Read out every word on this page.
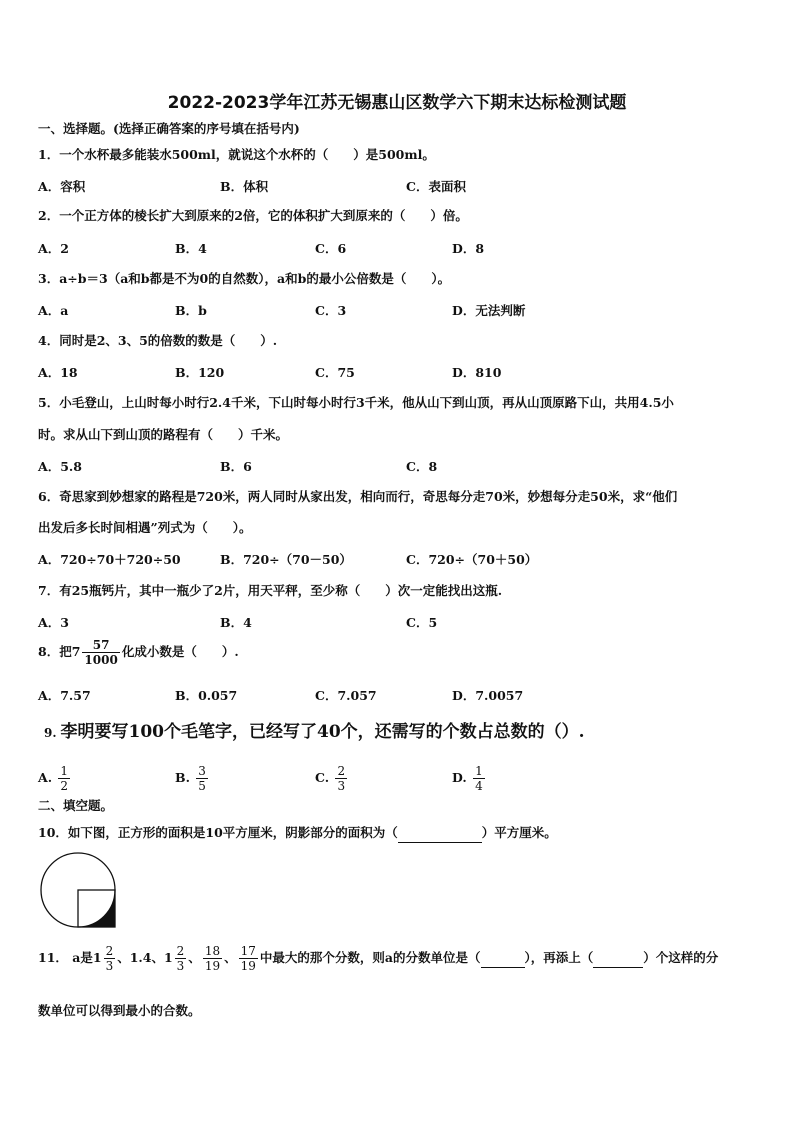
2022-2023学年江苏无锡惠山区数学六下期末达标检测试题
一、选择题。(选择正确答案的序号填在括号内)
1．一个水杯最多能装水500ml，就说这个水杯的（　　）是500ml。
A．容积	B．体积	C．表面积
2．一个正方体的棱长扩大到原来的2倍，它的体积扩大到原来的（　　）倍。
A．2	B．4	C．6	D．8
3．a÷b＝3（a和b都是不为0的自然数），a和b的最小公倍数是（　　）。
A．a	B．b	C．3	D．无法判断
4．同时是2、3、5的倍数的数是（　　）.
A．18	B．120	C．75	D．810
5．小毛登山，上山时每小时行2.4千米，下山时每小时行3千米，他从山下到山顶，再从山顶原路下山，共用4.5小
时。求从山下到山顶的路程有（　　）千米。
A．5.8	B．6	C．8
6．奇思家到妙想家的路程是720米，两人同时从家出发，相向而行，奇思每分走70米，妙想每分走50米，求“他们
出发后多长时间相遇”列式为（　　）。
A．720÷70＋720÷50	B．720÷（70－50）	C．720÷（70＋50）
7．有25瓶钙片，其中一瓶少了2片，用天平秤，至少称（　　）次一定能找出这瓶.
A．3	B．4	C．5
8．把$7 \frac{57}{1000}$ 化成小数是（　　）.
A．7.57	B．0.057	C．7.057	D．7.0057
9. 李明要写100个毛笔字，已经写了40个，还需写的个数占总数的（）.
A. $\frac{1}{2}$	B. $\frac{3}{5}$	C. $\frac{2}{3}$	D. $\frac{1}{4}$
二、填空题。
10．如下图，正方形的面积是10平方厘米，阴影部分的面积为（	）平方厘米。
11． a是$1 \frac{2}{3}$ 、1.4、$1 \frac{2}{3}$ 、 $\frac{18}{19}$ 、 $\frac{17}{19}$ 中最大的那个分数，则a的分数单位是（	），再添上（	）个这样的分
数单位可以得到最小的合数。
